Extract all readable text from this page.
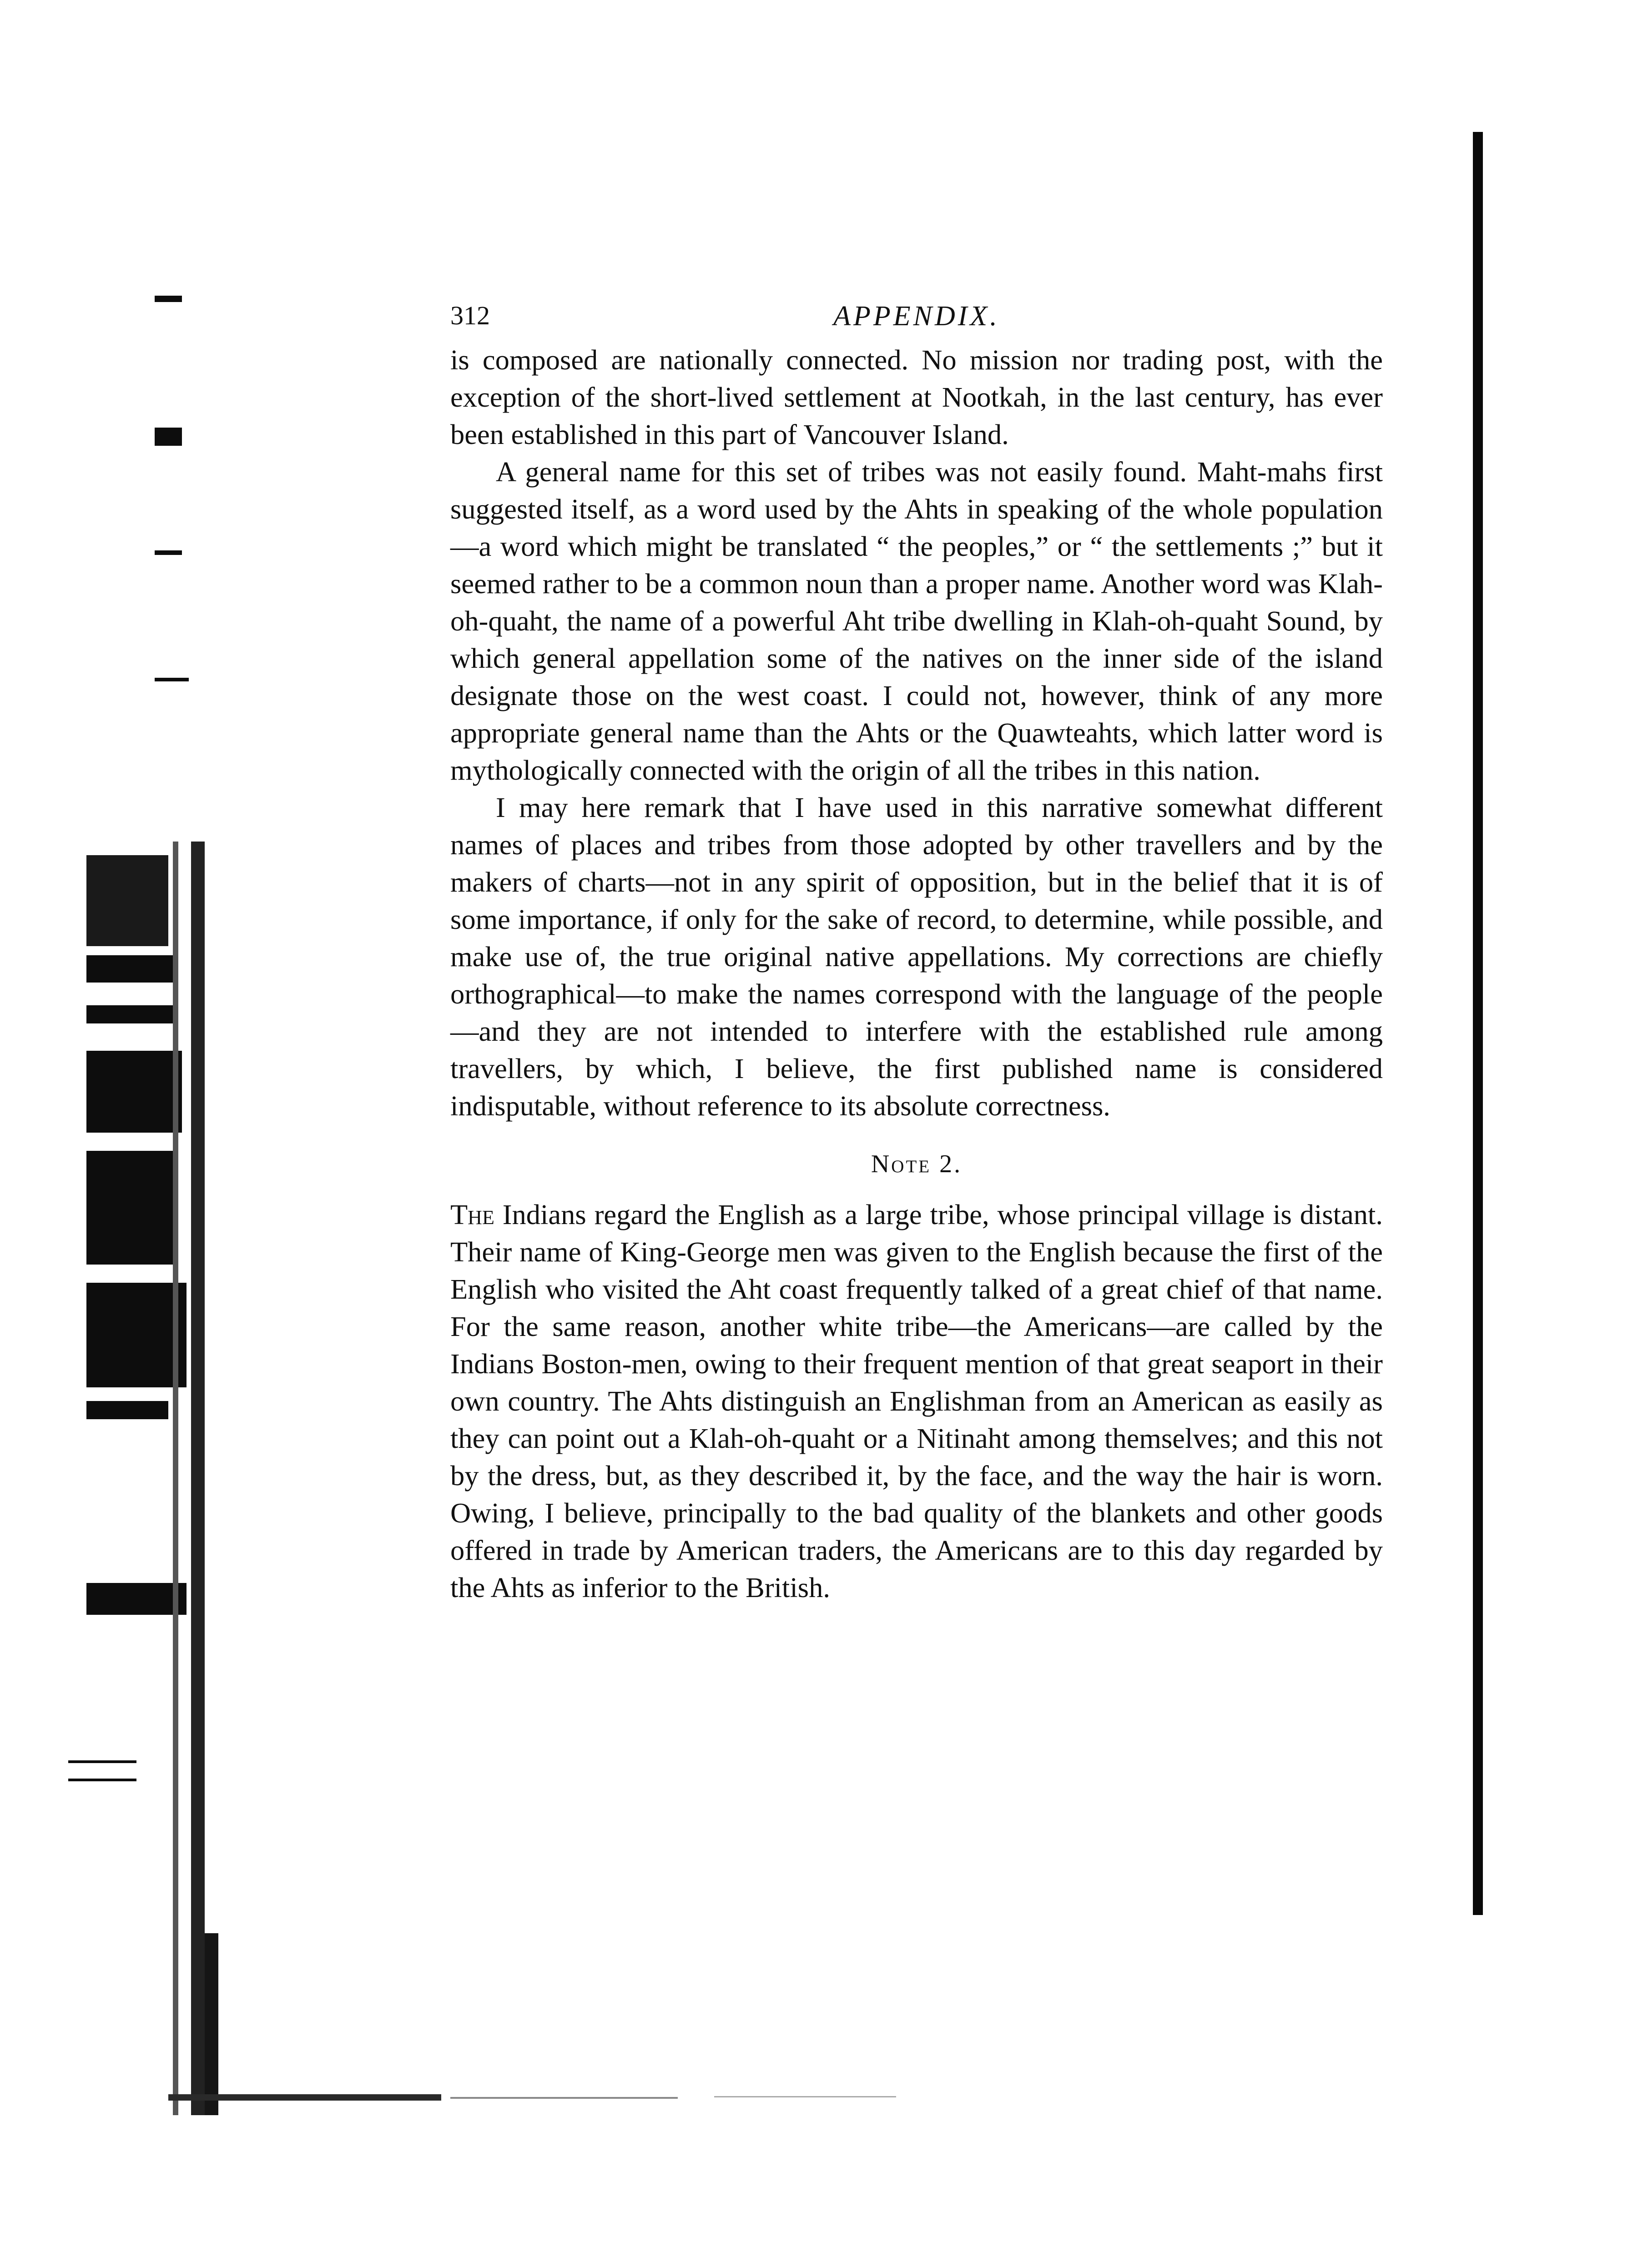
312	APPENDIX.

is composed are nationally connected. No mission nor trading post, with the exception of the short-lived settlement at Nootkah, in the last century, has ever been established in this part of Vancouver Island.

A general name for this set of tribes was not easily found. Maht-mahs first suggested itself, as a word used by the Ahts in speaking of the whole population—a word which might be translated “ the peoples,” or “ the settlements ;” but it seemed rather to be a common noun than a proper name. Another word was Klah-oh-quaht, the name of a powerful Aht tribe dwelling in Klah-oh-quaht Sound, by which general appellation some of the natives on the inner side of the island designate those on the west coast. I could not, however, think of any more appropriate general name than the Ahts or the Quawteahts, which latter word is mythologically connected with the origin of all the tribes in this nation.

I may here remark that I have used in this narrative somewhat different names of places and tribes from those adopted by other travellers and by the makers of charts—not in any spirit of opposition, but in the belief that it is of some importance, if only for the sake of record, to determine, while possible, and make use of, the true original native appellations. My corrections are chiefly orthographical—to make the names correspond with the language of the people—and they are not intended to interfere with the established rule among travellers, by which, I believe, the first published name is considered indisputable, without reference to its absolute correctness.

Note 2.

The Indians regard the English as a large tribe, whose principal village is distant. Their name of King-George men was given to the English because the first of the English who visited the Aht coast frequently talked of a great chief of that name. For the same reason, another white tribe—the Americans—are called by the Indians Boston-men, owing to their frequent mention of that great seaport in their own country. The Ahts distinguish an Englishman from an American as easily as they can point out a Klah-oh-quaht or a Nitinaht among themselves; and this not by the dress, but, as they described it, by the face, and the way the hair is worn. Owing, I believe, principally to the bad quality of the blankets and other goods offered in trade by American traders, the Americans are to this day regarded by the Ahts as inferior to the British.
